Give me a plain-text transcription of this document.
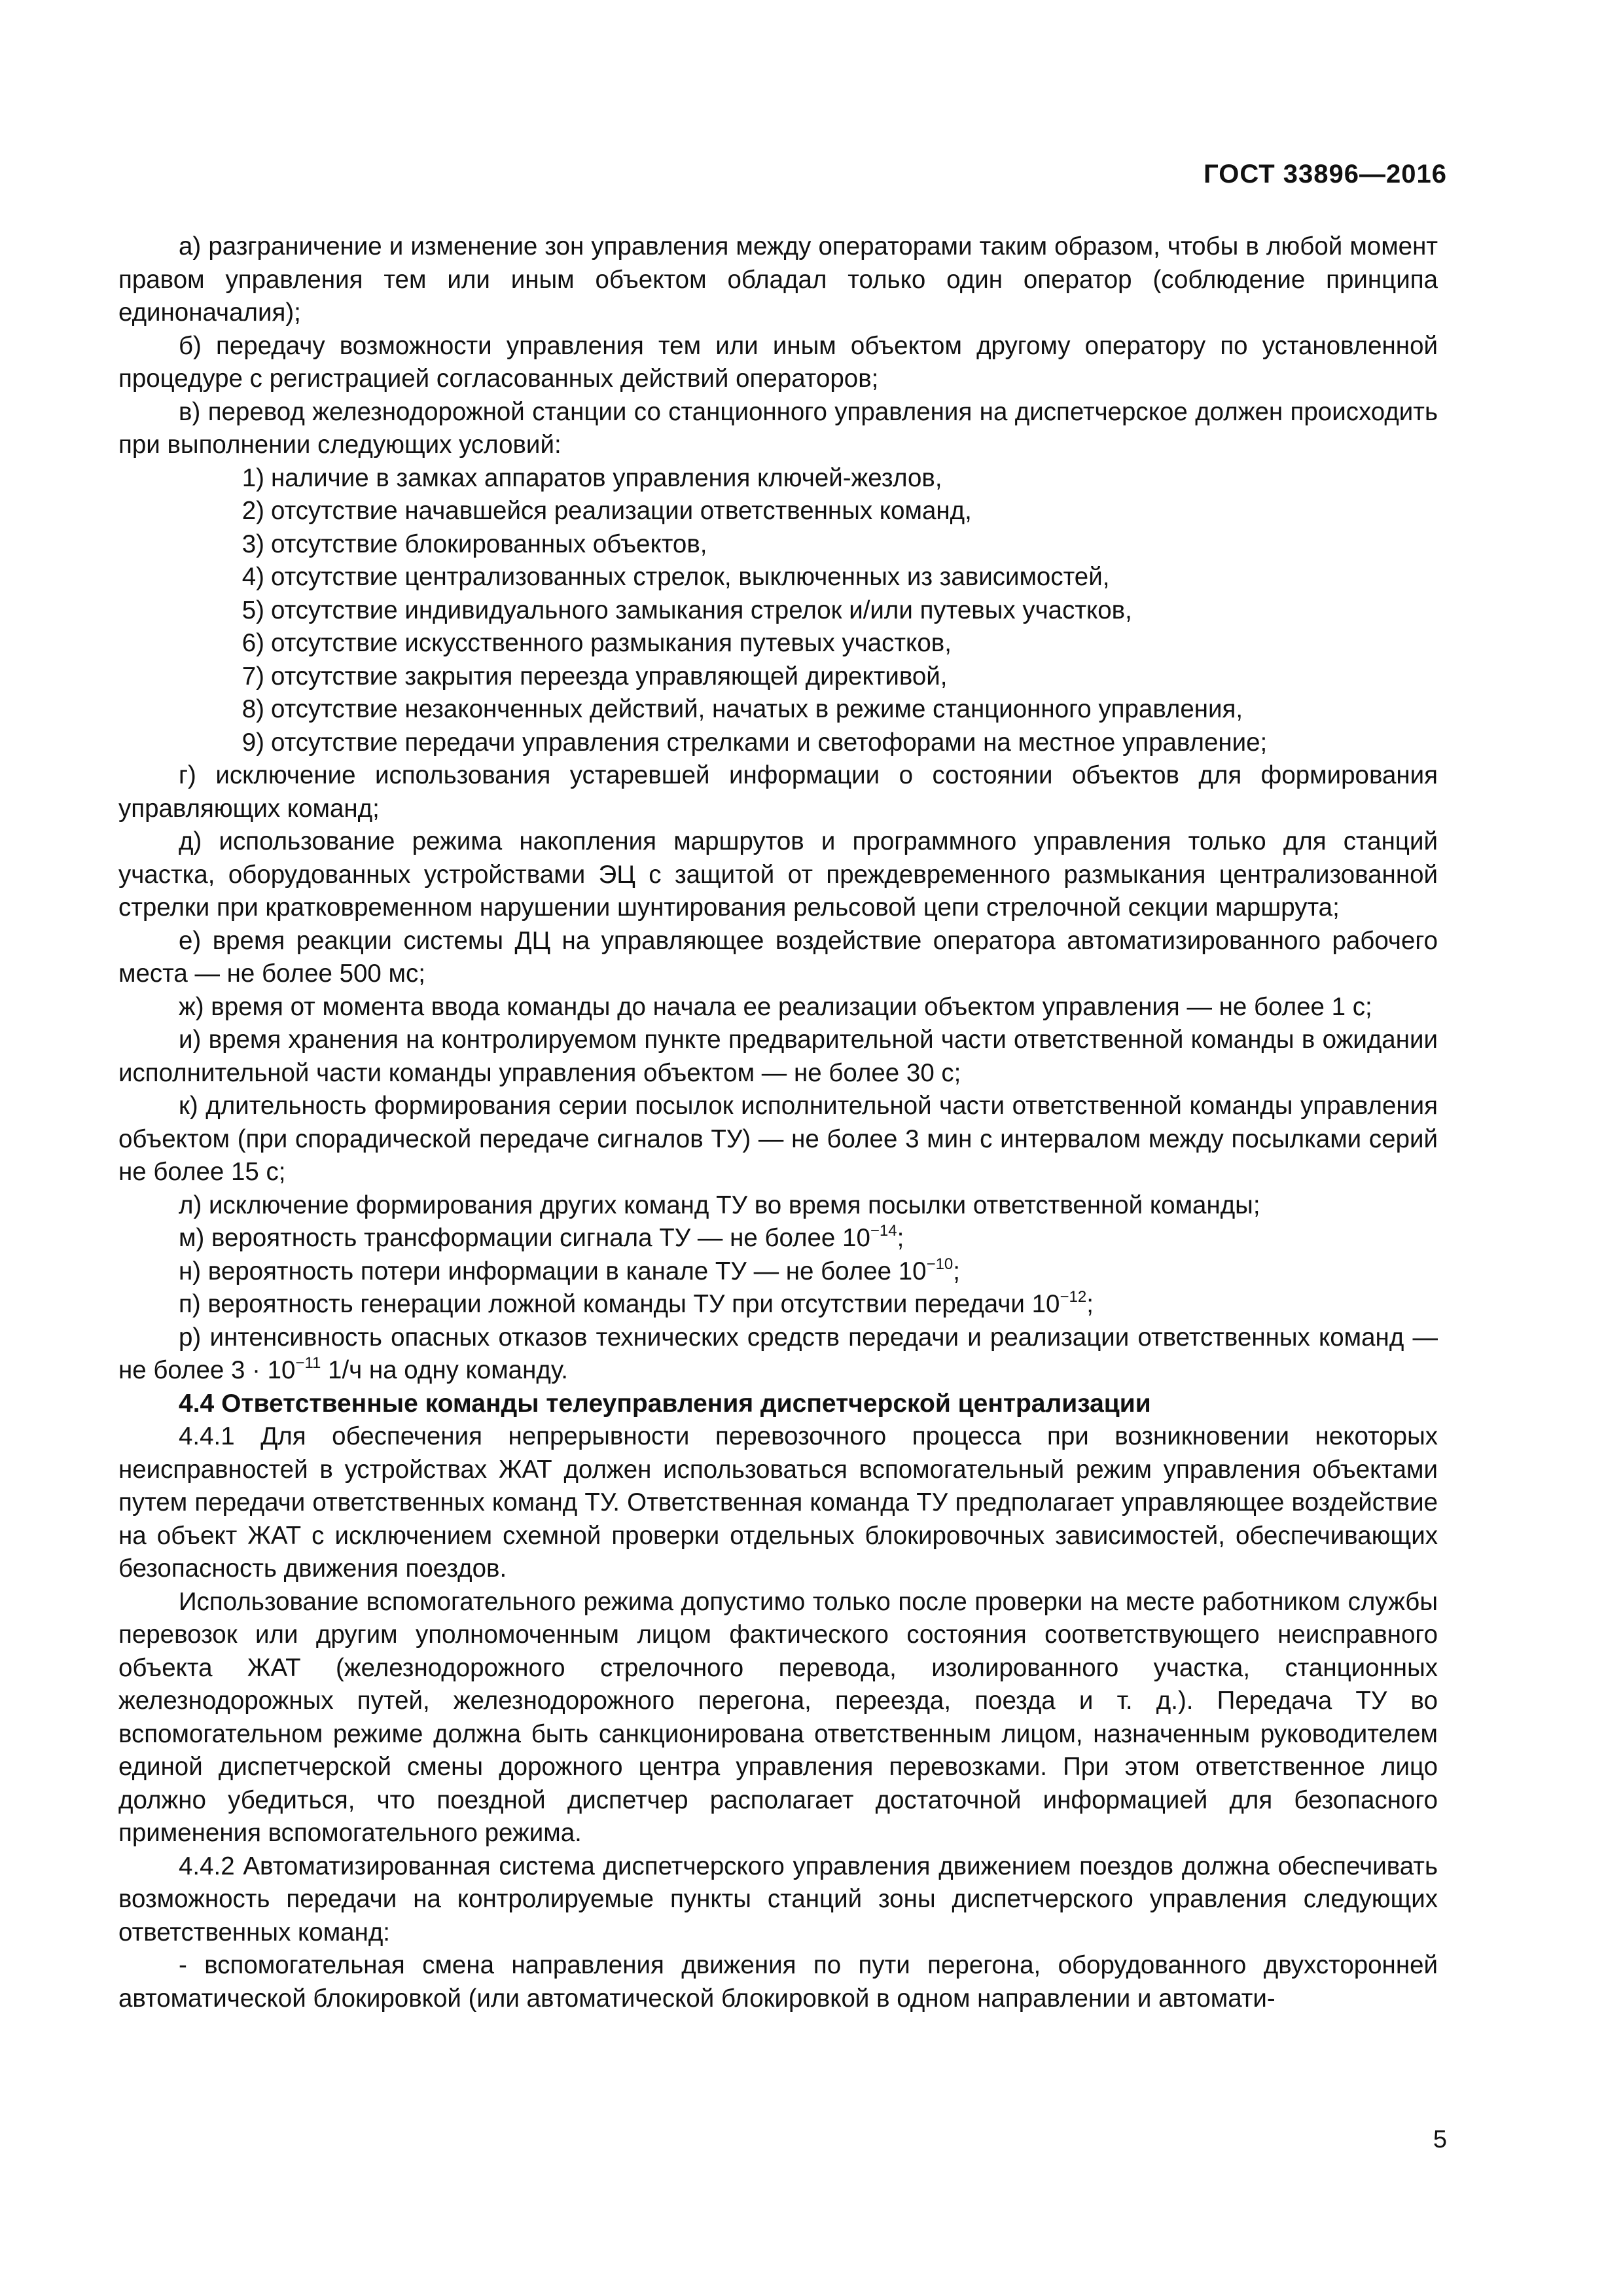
ГОСТ 33896—2016

а) разграничение и изменение зон управления между операторами таким образом, чтобы в любой момент правом управления тем или иным объектом обладал только один оператор (соблюдение принципа единоначалия);

б) передачу возможности управления тем или иным объектом другому оператору по установленной процедуре с регистрацией согласованных действий операторов;

в) перевод железнодорожной станции со станционного управления на диспетчерское должен происходить при выполнении следующих условий:

1) наличие в замках аппаратов управления ключей-жезлов,

2) отсутствие начавшейся реализации ответственных команд,

3) отсутствие блокированных объектов,

4) отсутствие централизованных стрелок, выключенных из зависимостей,

5) отсутствие индивидуального замыкания стрелок и/или путевых участков,

6) отсутствие искусственного размыкания путевых участков,

7) отсутствие закрытия переезда управляющей директивой,

8) отсутствие незаконченных действий, начатых в режиме станционного управления,

9) отсутствие передачи управления стрелками и светофорами на местное управление;

г) исключение использования устаревшей информации о состоянии объектов для формирования управляющих команд;

д) использование режима накопления маршрутов и программного управления только для станций участка, оборудованных устройствами ЭЦ с защитой от преждевременного размыкания централизованной стрелки при кратковременном нарушении шунтирования рельсовой цепи стрелочной секции маршрута;

е) время реакции системы ДЦ на управляющее воздействие оператора автоматизированного рабочего места — не более 500 мс;

ж) время от момента ввода команды до начала ее реализации объектом управления — не более 1 с;

и) время хранения на контролируемом пункте предварительной части ответственной команды в ожидании исполнительной части команды управления объектом — не более 30 с;

к) длительность формирования серии посылок исполнительной части ответственной команды управления объектом (при спорадической передаче сигналов ТУ) — не более 3 мин с интервалом между посылками серий не более 15 с;

л) исключение формирования других команд ТУ во время посылки ответственной команды;

м) вероятность трансформации сигнала ТУ — не более $10^{-14}$;

н) вероятность потери информации в канале ТУ — не более $10^{-10}$;

п) вероятность генерации ложной команды ТУ при отсутствии передачи $10^{-12}$;

р) интенсивность опасных отказов технических средств передачи и реализации ответственных команд — не более $3 \cdot 10^{-11}$ 1/ч на одну команду.

4.4 Ответственные команды телеуправления диспетчерской централизации

4.4.1 Для обеспечения непрерывности перевозочного процесса при возникновении некоторых неисправностей в устройствах ЖАТ должен использоваться вспомогательный режим управления объектами путем передачи ответственных команд ТУ. Ответственная команда ТУ предполагает управляющее воздействие на объект ЖАТ с исключением схемной проверки отдельных блокировочных зависимостей, обеспечивающих безопасность движения поездов.

Использование вспомогательного режима допустимо только после проверки на месте работником службы перевозок или другим уполномоченным лицом фактического состояния соответствующего неисправного объекта ЖАТ (железнодорожного стрелочного перевода, изолированного участка, станционных железнодорожных путей, железнодорожного перегона, переезда, поезда и т. д.). Передача ТУ во вспомогательном режиме должна быть санкционирована ответственным лицом, назначенным руководителем единой диспетчерской смены дорожного центра управления перевозками. При этом ответственное лицо должно убедиться, что поездной диспетчер располагает достаточной информацией для безопасного применения вспомогательного режима.

4.4.2 Автоматизированная система диспетчерского управления движением поездов должна обеспечивать возможность передачи на контролируемые пункты станций зоны диспетчерского управления следующих ответственных команд:

- вспомогательная смена направления движения по пути перегона, оборудованного двухсторонней автоматической блокировкой (или автоматической блокировкой в одном направлении и автомати-

5
